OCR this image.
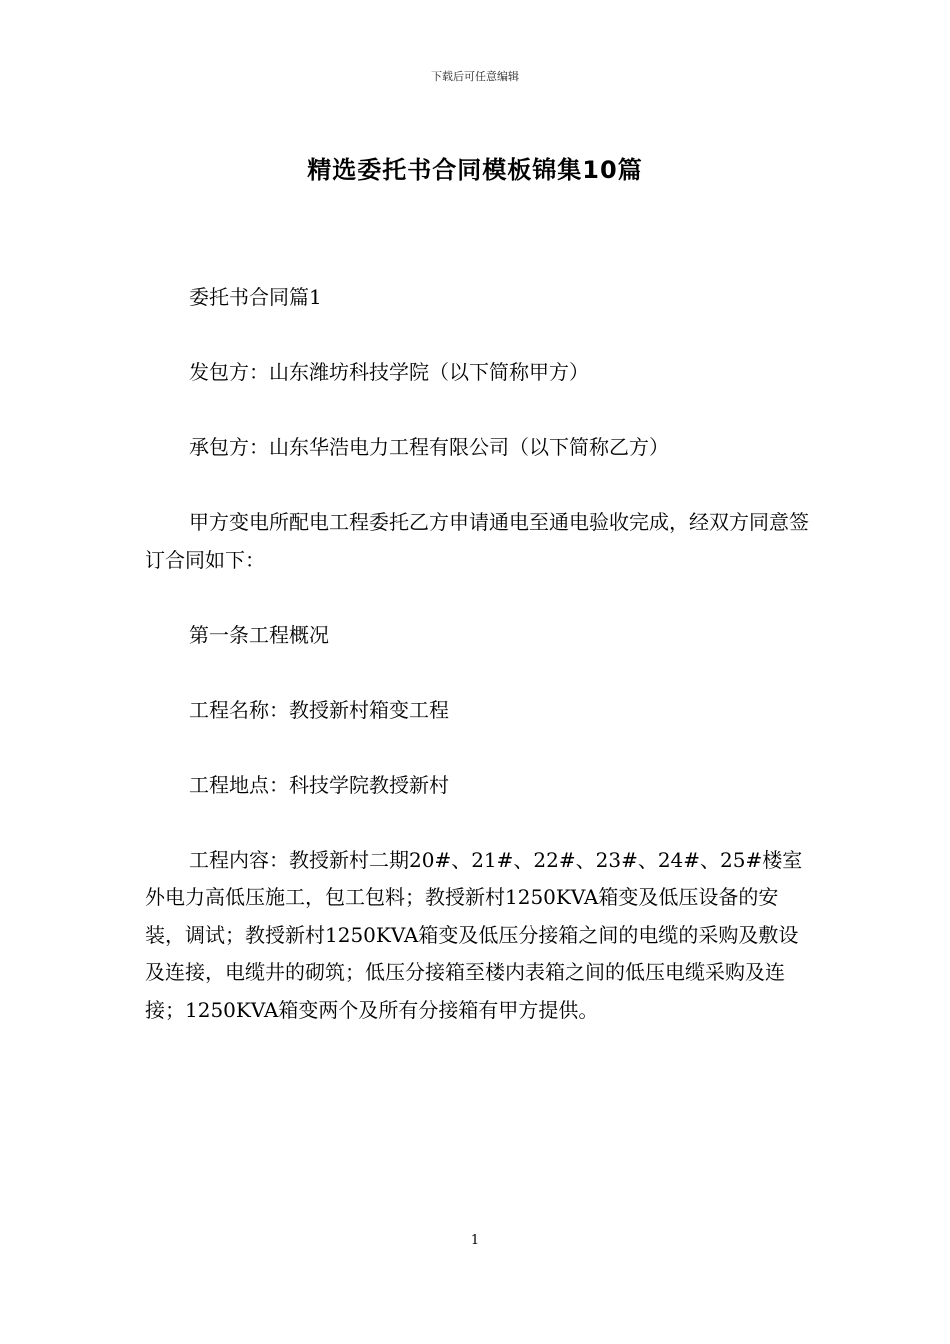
下载后可任意编辑
精选委托书合同模板锦集10篇

委托书合同篇1

发包方：山东潍坊科技学院（以下简称甲方）

承包方：山东华浩电力工程有限公司（以下简称乙方）

甲方变电所配电工程委托乙方申请通电至通电验收完成，经双方同意签订合同如下：

第一条工程概况

工程名称：教授新村箱变工程

工程地点：科技学院教授新村

工程内容：教授新村二期20#、21#、22#、23#、24#、25#楼室外电力高低压施工，包工包料；教授新村1250KVA箱变及低压设备的安装，调试；教授新村1250KVA箱变及低压分接箱之间的电缆的采购及敷设及连接，电缆井的砌筑；低压分接箱至楼内表箱之间的低压电缆采购及连接；1250KVA箱变两个及所有分接箱有甲方提供。

1
